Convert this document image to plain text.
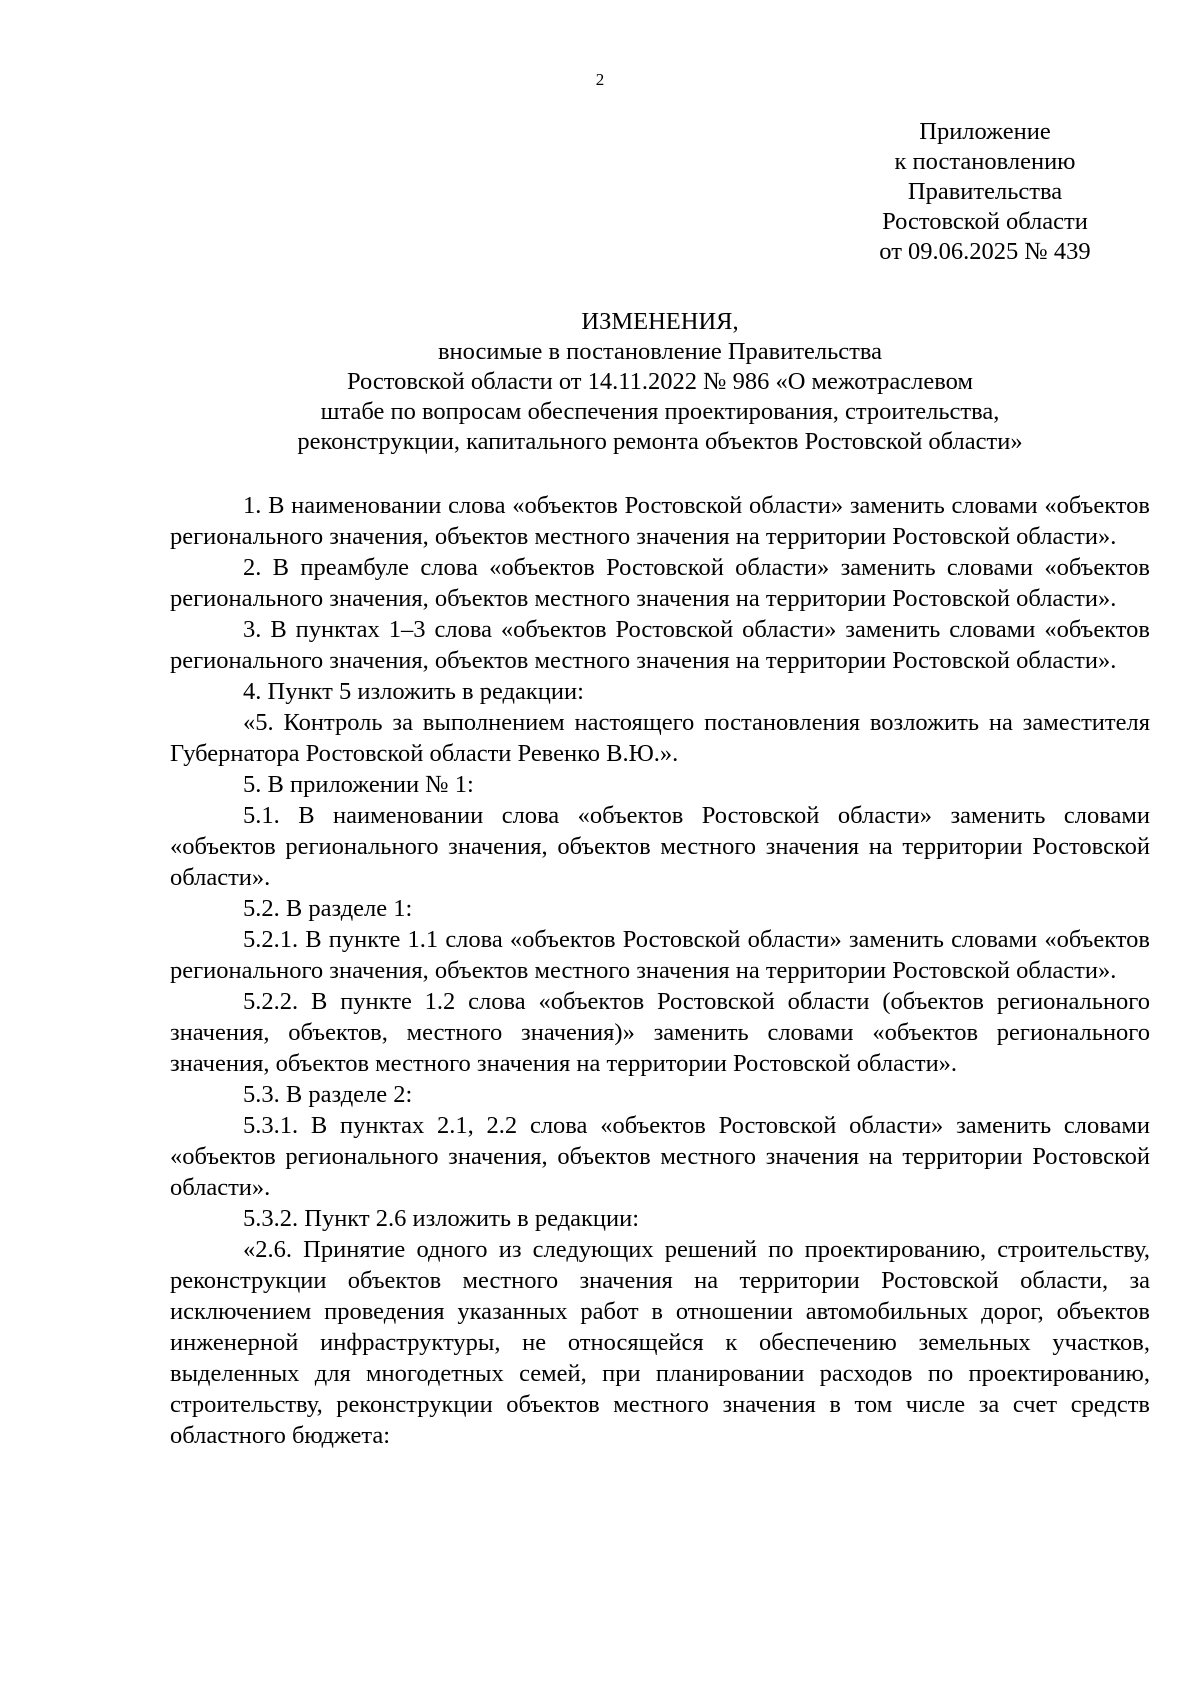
2
Приложение
к постановлению
Правительства
Ростовской области
от 09.06.2025 № 439
ИЗМЕНЕНИЯ,
вносимые в постановление Правительства
Ростовской области от 14.11.2022 № 986 «О межотраслевом
штабе по вопросам обеспечения проектирования, строительства,
реконструкции, капитального ремонта объектов Ростовской области»

1. В наименовании слова «объектов Ростовской области» заменить словами «объектов регионального значения, объектов местного значения на территории Ростовской области».

2. В преамбуле слова «объектов Ростовской области» заменить словами «объектов регионального значения, объектов местного значения на территории Ростовской области».

3. В пунктах 1–3 слова «объектов Ростовской области» заменить словами «объектов регионального значения, объектов местного значения на территории Ростовской области».

4. Пункт 5 изложить в редакции:

«5. Контроль за выполнением настоящего постановления возложить на заместителя Губернатора Ростовской области Ревенко В.Ю.».

5. В приложении № 1:

5.1. В наименовании слова «объектов Ростовской области» заменить словами «объектов регионального значения, объектов местного значения на территории Ростовской области».

5.2. В разделе 1:

5.2.1. В пункте 1.1 слова «объектов Ростовской области» заменить словами «объектов регионального значения, объектов местного значения на территории Ростовской области».

5.2.2. В пункте 1.2 слова «объектов Ростовской области (объектов регионального значения, объектов, местного значения)» заменить словами «объектов регионального значения, объектов местного значения на территории Ростовской области».

5.3. В разделе 2:

5.3.1. В пунктах 2.1, 2.2 слова «объектов Ростовской области» заменить словами «объектов регионального значения, объектов местного значения на территории Ростовской области».

5.3.2. Пункт 2.6 изложить в редакции:

«2.6. Принятие одного из следующих решений по проектированию, строительству, реконструкции объектов местного значения на территории Ростовской области, за исключением проведения указанных работ в отношении автомобильных дорог, объектов инженерной инфраструктуры, не относящейся к обеспечению земельных участков, выделенных для многодетных семей, при планировании расходов по проектированию, строительству, реконструкции объектов местного значения в том числе за счет средств областного бюджета:
